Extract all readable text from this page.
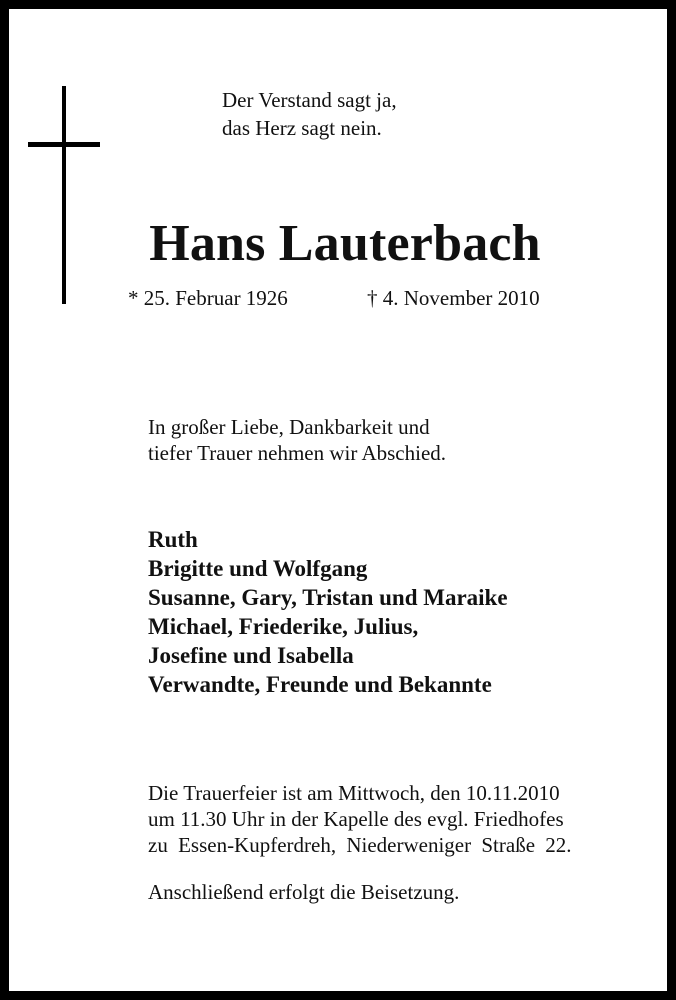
Der Verstand sagt ja,
das Herz sagt nein.
Hans Lauterbach
* 25. Februar 1926	† 4. November 2010
In großer Liebe, Dankbarkeit und
tiefer Trauer nehmen wir Abschied.
Ruth
Brigitte und Wolfgang
Susanne, Gary, Tristan und Maraike
Michael, Friederike, Julius,
Josefine und Isabella
Verwandte, Freunde und Bekannte
Die Trauerfeier ist am Mittwoch, den 10.11.2010
um 11.30 Uhr in der Kapelle des evgl. Friedhofes
zu Essen-Kupferdreh, Niederweniger Straße 22.
Anschließend erfolgt die Beisetzung.
